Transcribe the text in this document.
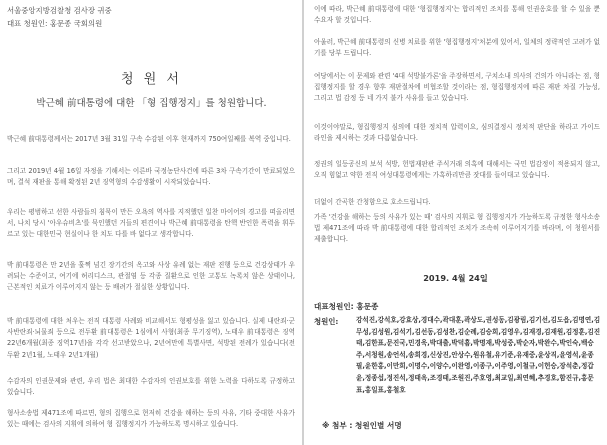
서울중앙지방검찰청 검사장 귀중
대표 청원인: 홍문종 국회의원
청 원 서
박근혜 前대통령에 대한 「형 집행정지」를 청원합니다.

박근혜 前대통령께서는 2017년 3월 31일 구속 수감된 이후 현재까지 750여일째를 복역 중입니다.

그리고 2019년 4월 16일 자정을 기해서는 이른바 국정농단사건에 따른 3차 구속기간이 만료되었으며, 결석 재판을 통해 확정된 2년 징역형의 수감생활이 시작되었습니다.

우리는 평범하고 선한 사람들의 침묵이 만든 오욕의 역사를 지적했던 일찬 마이어의 경고를 떠올리면서, 나치 당시 '아우슈비츠'를 묵인했던 거들의 편견이나 박근혜 前대통령을 탄핵 반인한 폭력을 휘두르고 있는 대한민국 현실이나 한 치도 다를 바 없다고 생각합니다.

박 前대통령은 만 2년을 훌쩍 넘긴 장기간의 옥고와 사상 유례 없는 재판 진행 등으로 건강상태가 우려되는 수준이고, 여기에 허리디스크, 관절염 등 각종 질환으로 인한 고통도 녹록치 않은 상태이나, 근본적인 치료가 이루어지지 않는 등 배려가 절실한 상황입니다.

박 前대통령에 대한 처우는 전직 대통령 사례와 비교해서도 형평성을 잃고 있습니다. 실제 내란죄·군사반란죄·뇌물죄 등으로 전두환 前대통령은 1심에서 사형(최종 무기징역), 노태우 前대통령은 징역 22년6개월(최종 징역17년)을 각각 선고받았으나, 2년여만에 특별사면, 석방된 전례가 있습니다(전두환 2년1월, 노태우 2년1개월)

수감자의 인권문제와 관련, 우리 법은 최대한 수감자의 인권보호를 위한 노력을 다하도록 규정하고 있습니다.

형사소송법 제471조에 따르면, 형의 집행으로 현저히 건강을 해하는 등의 사유, 기타 중대한 사유가 있는 때에는 검사의 지휘에 의하여 형 집행정지가 가능하도록 명시하고 있습니다.

이에 따라, 박근혜 前대통령에 대한 '형집행정지'는 합리적인 조치를 통해 인권옹호를 할 수 있을 뿐 수요자 할 것입니다.

아울러, 박근혜 前대통령의 신병 치료를 위한 '형집행정지'처분에 있어서, 일체의 정략적인 고려가 없기를 당부 드립니다.

여당에서는 이 문제와 관련 '4대 석방불가론'을 주장하면서, 구치소내 의사의 건의가 아니라는 점, 형 집행정지를 할 경우 향후 재판절차에 비협조할 것이라는 점, 형집행정지에 따른 재판 차질 가능성, 그리고 법 감정 등 네 가지 불가 사유를 들고 있습니다.

이것이야말로, 형집행정지 심의에 대한 정치적 압력이요, 심의결정시 정치적 판단을 하라고 가이드라인을 제시하는 것과 다름없습니다.

정권의 일등공신의 보석 석방, 헌법재판관 주식거래 의혹에 대해서는 국민 법감정이 적용되지 않고, 오직 힘없고 약한 전직 여성대통령에게는 가혹하리만큼 잣대를 들이대고 있습니다.

더없이 간곡한 간청함으로 호소드립니다.

가족 '건강을 해하는 등의 사유가 있는 때' 검사의 지휘로 형 집행정지가 가능하도록 규정한 형사소송법 제471조에 따라 박 前대통령에 대한 합리적인 조치가 조속히 이루어지기를 바라며, 이 청원서를 제출합니다.

2019. 4월 24일
대표청원인: 홍문종
청원인:	강석진,강석호,강효상,경대수,곽대훈,곽상도,권성동,김광림,김기선,김도읍,김명연,김무성,김성원,김석기,김선동,김성찬,김순례,김승희,김영우,김재경,김재원,김정훈,김진태,김한표,문진국,민경욱,박대출,박덕흠,박명재,박성중,박순자,박완수,박인숙,백승주,서청원,송언석,송희경,신상진,안상수,원유철,유기준,유재중,윤상직,윤영석,윤종필,윤한홍,이만희,이명수,이양수,이완영,이종구,이주영,이철규,이헌승,장석춘,정갑윤,정종섭,정진석,정태옥,조경태,조원진,주호영,최교일,최연혜,추경호,함진규,홍문표,홍일표,홍철호

※ 첨부 : 청원인별 서명
